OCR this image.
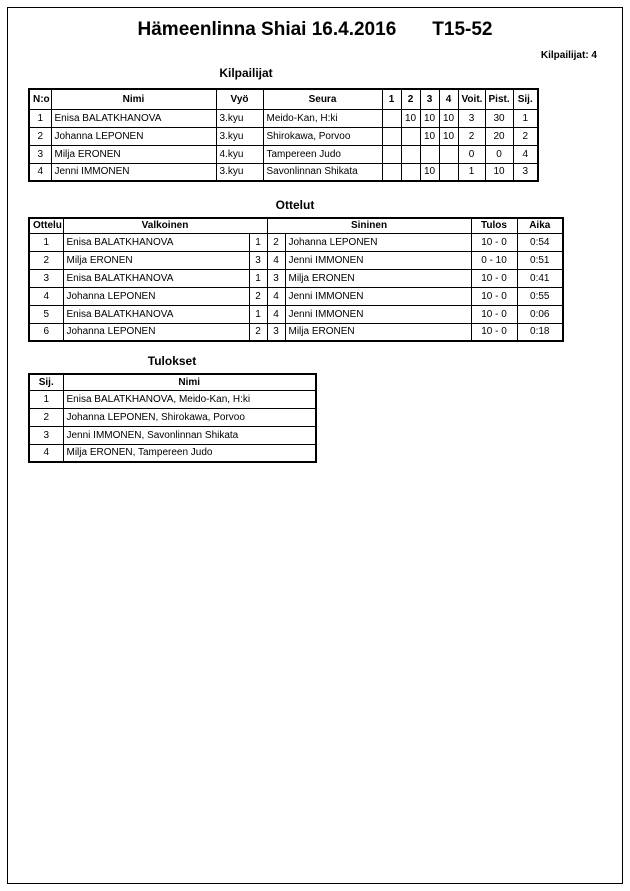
Hämeenlinna Shiai 16.4.2016 T15-52
Kilpailijat: 4
Kilpailijat
N:o	Nimi	Vyö	Seura	1	2	3	4	Voit.	Pist.	Sij.
1	Enisa BALATKHANOVA	3.kyu	Meido-Kan, H:ki		10	10	10	3	30	1
2	Johanna LEPONEN	3.kyu	Shirokawa, Porvoo			10	10	2	20	2
3	Milja ERONEN	4.kyu	Tampereen Judo					0	0	4
4	Jenni IMMONEN	3.kyu	Savonlinnan Shikata			10		1	10	3
Ottelut
Ottelu	Valkoinen		Sininen		Tulos	Aika
1	Enisa BALATKHANOVA	1	2	Johanna LEPONEN	10 - 0	0:54
2	Milja ERONEN	3	4	Jenni IMMONEN	0 - 10	0:51
3	Enisa BALATKHANOVA	1	3	Milja ERONEN	10 - 0	0:41
4	Johanna LEPONEN	2	4	Jenni IMMONEN	10 - 0	0:55
5	Enisa BALATKHANOVA	1	4	Jenni IMMONEN	10 - 0	0:06
6	Johanna LEPONEN	2	3	Milja ERONEN	10 - 0	0:18
Tulokset
Sij.	Nimi
1	Enisa BALATKHANOVA, Meido-Kan, H:ki
2	Johanna LEPONEN, Shirokawa, Porvoo
3	Jenni IMMONEN, Savonlinnan Shikata
4	Milja ERONEN, Tampereen Judo
